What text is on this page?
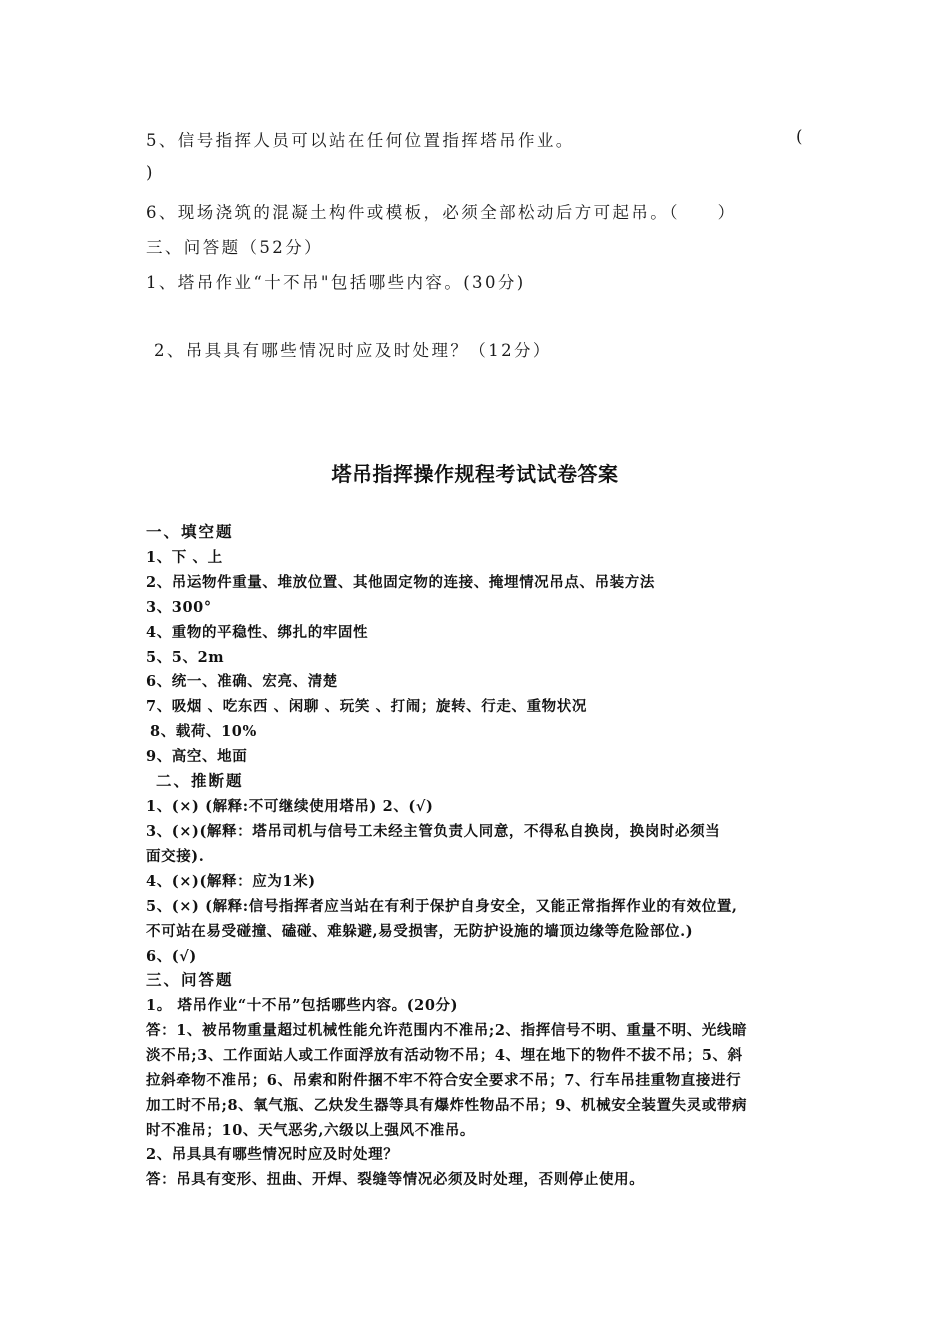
5、信号指挥人员可以站在任何位置指挥塔吊作业。	(
)
6、现场浇筑的混凝土构件或模板，必须全部松动后方可起吊。（　　）
三、问答题（52分）
1、塔吊作业“十不吊"包括哪些内容。(30分)
2、吊具具有哪些情况时应及时处理？（12分）
塔吊指挥操作规程考试试卷答案
一、填空题
1、下 、上
2、吊运物件重量、堆放位置、其他固定物的连接、掩埋情况吊点、吊装方法
3、300°
4、重物的平稳性、绑扎的牢固性
5、5、2m
6、统一、准确、宏亮、清楚
7、吸烟 、吃东西 、闲聊 、玩笑 、打闹；旋转、行走、重物状况
8、载荷、10%
9、高空、地面
二、推断题
1、(×) (解释:不可继续使用塔吊) 2、(√)
3、(×)(解释：塔吊司机与信号工未经主管负责人同意，不得私自换岗，换岗时必须当
面交接).
4、(×)(解释：应为1米)
5、(×) (解释:信号指挥者应当站在有利于保护自身安全，又能正常指挥作业的有效位置,
不可站在易受碰撞、磕碰、难躲避,易受损害，无防护设施的墙顶边缘等危险部位.)
6、(√)
三、问答题
1。 塔吊作业“十不吊”包括哪些内容。(20分)
答：1、被吊物重量超过机械性能允许范围内不准吊;2、指挥信号不明、重量不明、光线暗
淡不吊;3、工作面站人或工作面浮放有活动物不吊；4、埋在地下的物件不拔不吊；5、斜
拉斜牵物不准吊；6、吊索和附件捆不牢不符合安全要求不吊；7、行车吊挂重物直接进行
加工时不吊;8、氧气瓶、乙炔发生器等具有爆炸性物品不吊；9、机械安全装置失灵或带病
时不准吊；10、天气恶劣,六级以上强风不准吊。
2、吊具具有哪些情况时应及时处理？
答：吊具有变形、扭曲、开焊、裂缝等情况必须及时处理，否则停止使用。
